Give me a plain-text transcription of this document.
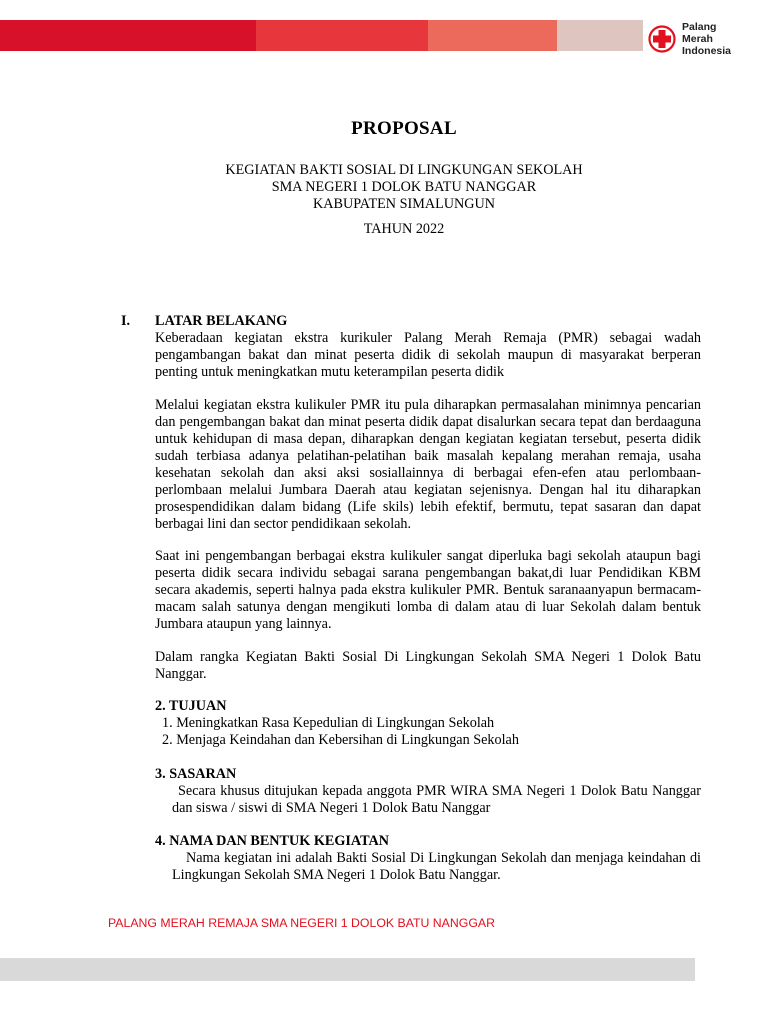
Palang
Merah
Indonesia
PROPOSAL
KEGIATAN BAKTI SOSIAL DI LINGKUNGAN SEKOLAH
SMA NEGERI 1 DOLOK BATU NANGGAR
KABUPATEN SIMALUNGUN
TAHUN 2022
I. LATAR BELAKANG
Keberadaan kegiatan ekstra kurikuler Palang Merah Remaja (PMR) sebagai wadah pengambangan bakat dan minat peserta didik di sekolah maupun di masyarakat berperan penting untuk meningkatkan mutu keterampilan peserta didik
Melalui kegiatan ekstra kulikuler PMR itu pula diharapkan permasalahan minimnya pencarian dan pengembangan bakat dan minat peserta didik dapat disalurkan secara tepat dan berdaaguna untuk kehidupan di masa depan, diharapkan dengan kegiatan kegiatan tersebut, peserta didik sudah terbiasa adanya pelatihan-pelatihan baik masalah kepalang merahan remaja, usaha kesehatan sekolah dan aksi aksi sosiallainnya di berbagai efen-efen atau perlombaan-perlombaan melalui Jumbara Daerah atau kegiatan sejenisnya. Dengan hal itu diharapkan prosespendidikan dalam bidang (Life skils) lebih efektif, bermutu, tepat sasaran dan dapat berbagai lini dan sector pendidikaan sekolah.
Saat ini pengembangan berbagai ekstra kulikuler sangat diperluka bagi sekolah ataupun bagi peserta didik secara individu sebagai sarana pengembangan bakat,di luar Pendidikan KBM secara akademis, seperti halnya pada ekstra kulikuler PMR. Bentuk saranaanyapun bermacam-macam salah satunya dengan mengikuti lomba di dalam atau di luar Sekolah dalam bentuk Jumbara ataupun yang lainnya.
Dalam rangka Kegiatan Bakti Sosial Di Lingkungan Sekolah SMA Negeri 1 Dolok Batu Nanggar.
2. TUJUAN
1. Meningkatkan Rasa Kepedulian di Lingkungan Sekolah
2. Menjaga Keindahan dan Kebersihan di Lingkungan Sekolah
3. SASARAN
Secara khusus ditujukan kepada anggota PMR WIRA SMA Negeri 1 Dolok Batu Nanggar dan siswa / siswi di SMA Negeri 1 Dolok Batu Nanggar
4. NAMA DAN BENTUK KEGIATAN
Nama kegiatan ini adalah Bakti Sosial Di Lingkungan Sekolah dan menjaga keindahan di Lingkungan Sekolah SMA Negeri 1 Dolok Batu Nanggar.
PALANG MERAH REMAJA SMA NEGERI 1 DOLOK BATU NANGGAR
